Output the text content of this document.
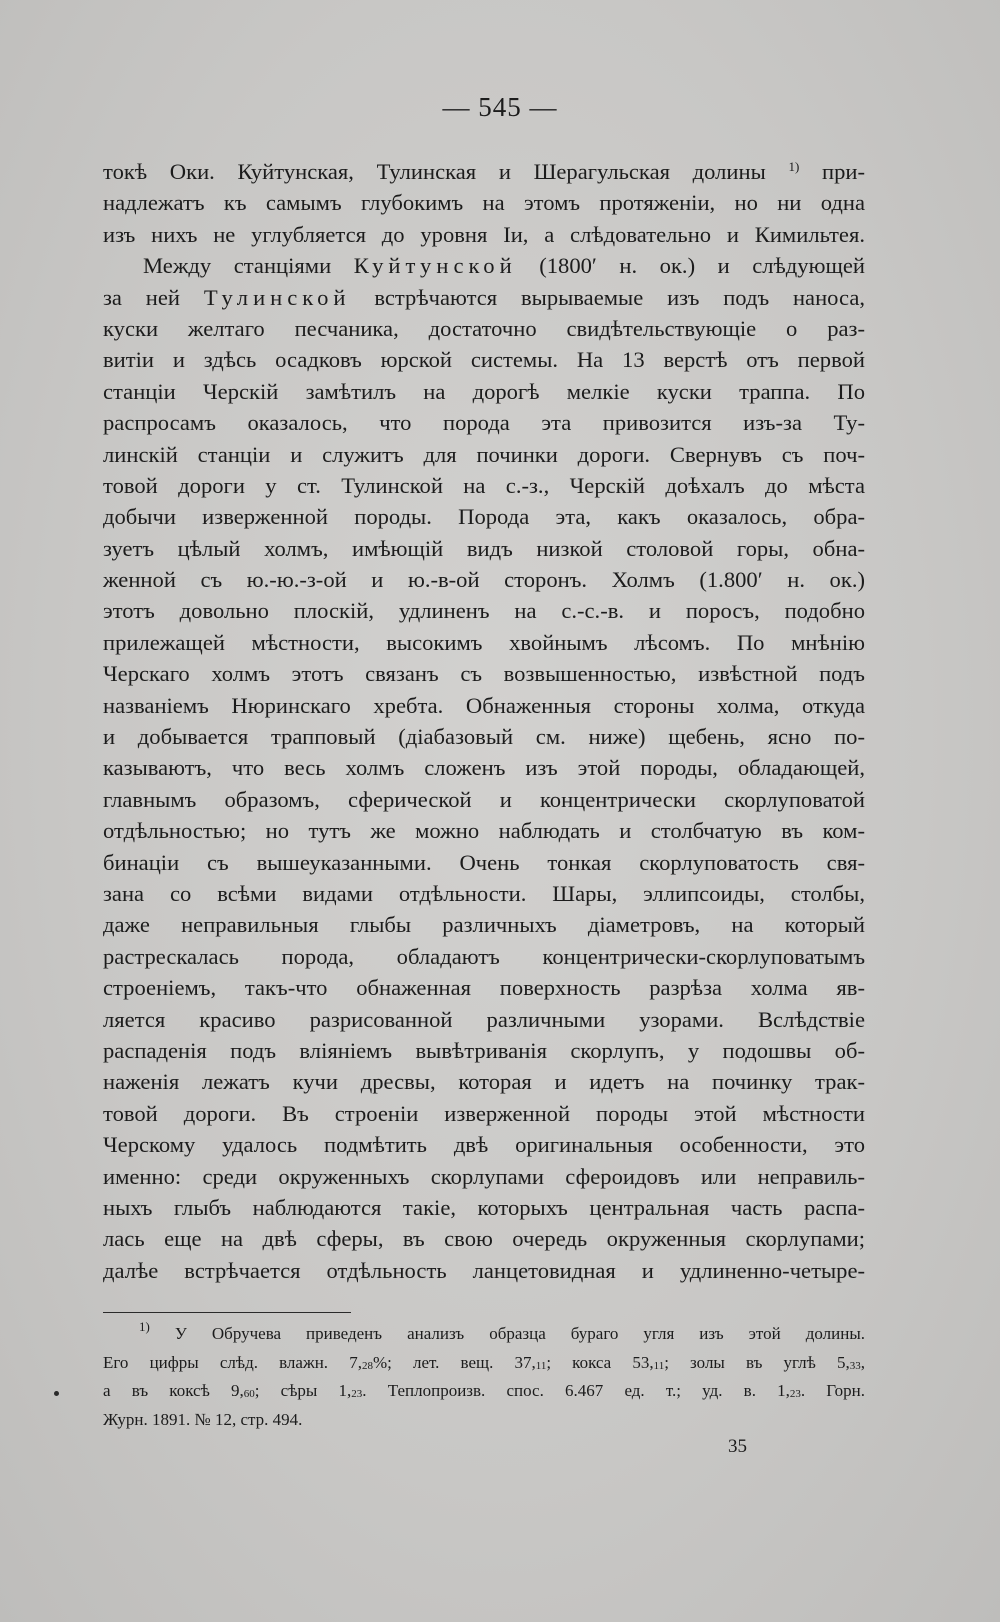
— 545 —
токѣ Оки. Куйтунская, Тулинская и Шерагульская долины $^{1)}$ при-
надлежатъ къ самымъ глубокимъ на этомъ протяженіи, но ни одна
изъ нихъ не углубляется до уровня Іи, а слѣдовательно и Кимильтея.
Между станціями Куйтунской (1800′ н. ок.) и слѣдующей
за ней Тулинской встрѣчаются вырываемые изъ подъ наноса,
куски желтаго песчаника, достаточно свидѣтельствующіе о раз-
витіи и здѣсь осадковъ юрской системы. На 13 верстѣ отъ первой
станціи Черскій замѣтилъ на дорогѣ мелкіе куски траппа. По
распросамъ оказалось, что порода эта привозится изъ-за Ту-
линскій станціи и служитъ для починки дороги. Свернувъ съ поч-
товой дороги у ст. Тулинской на с.-з., Черскій доѣхалъ до мѣста
добычи изверженной породы. Порода эта, какъ оказалось, обра-
зуетъ цѣлый холмъ, имѣющій видъ низкой столовой горы, обна-
женной съ ю.-ю.-з-ой и ю.-в-ой сторонъ. Холмъ (1.800′ н. ок.)
этотъ довольно плоскій, удлиненъ на с.-с.-в. и поросъ, подобно
прилежащей мѣстности, высокимъ хвойнымъ лѣсомъ. По мнѣнію
Черскаго холмъ этотъ связанъ съ возвышенностью, извѣстной подъ
названіемъ Нюринскаго хребта. Обнаженныя стороны холма, откуда
и добывается трапповый (діабазовый см. ниже) щебень, ясно по-
казываютъ, что весь холмъ сложенъ изъ этой породы, обладающей,
главнымъ образомъ, сферической и концентрически скорлуповатой
отдѣльностью; но тутъ же можно наблюдать и столбчатую въ ком-
бинаціи съ вышеуказанными. Очень тонкая скорлуповатость свя-
зана со всѣми видами отдѣльности. Шары, эллипсоиды, столбы,
даже неправильныя глыбы различныхъ діаметровъ, на который
растрескалась порода, обладаютъ концентрически-скорлуповатымъ
строеніемъ, такъ-что обнаженная поверхность разрѣза холма яв-
ляется красиво разрисованной различными узорами. Вслѣдствіе
распаденія подъ вліяніемъ вывѣтриванія скорлупъ, у подошвы об-
наженія лежатъ кучи дресвы, которая и идетъ на починку трак-
товой дороги. Въ строеніи изверженной породы этой мѣстности
Черскому удалось подмѣтить двѣ оригинальныя особенности, это
именно: среди окруженныхъ скорлупами сфероидовъ или неправиль-
ныхъ глыбъ наблюдаются такіе, которыхъ центральная часть распа-
лась еще на двѣ сферы, въ свою очередь окруженныя скорлупами;
далѣе встрѣчается отдѣльность ланцетовидная и удлиненно-четыре-
$^{1)}$ У Обручева приведенъ анализъ образца бураго угля изъ этой долины.
Его цифры слѣд. влажн. $7,_{28}\%$; лет. вещ. $37,_{11}$; кокса $53,_{11}$; золы въ углѣ $5,_{33}$,
а въ коксѣ $9,_{60}$; сѣры $1,_{23}$. Теплопроизв. спос. 6.467 ед. т.; уд. в. $1,_{23}$. Горн.
Журн. 1891. № 12, стр. 494.
35
